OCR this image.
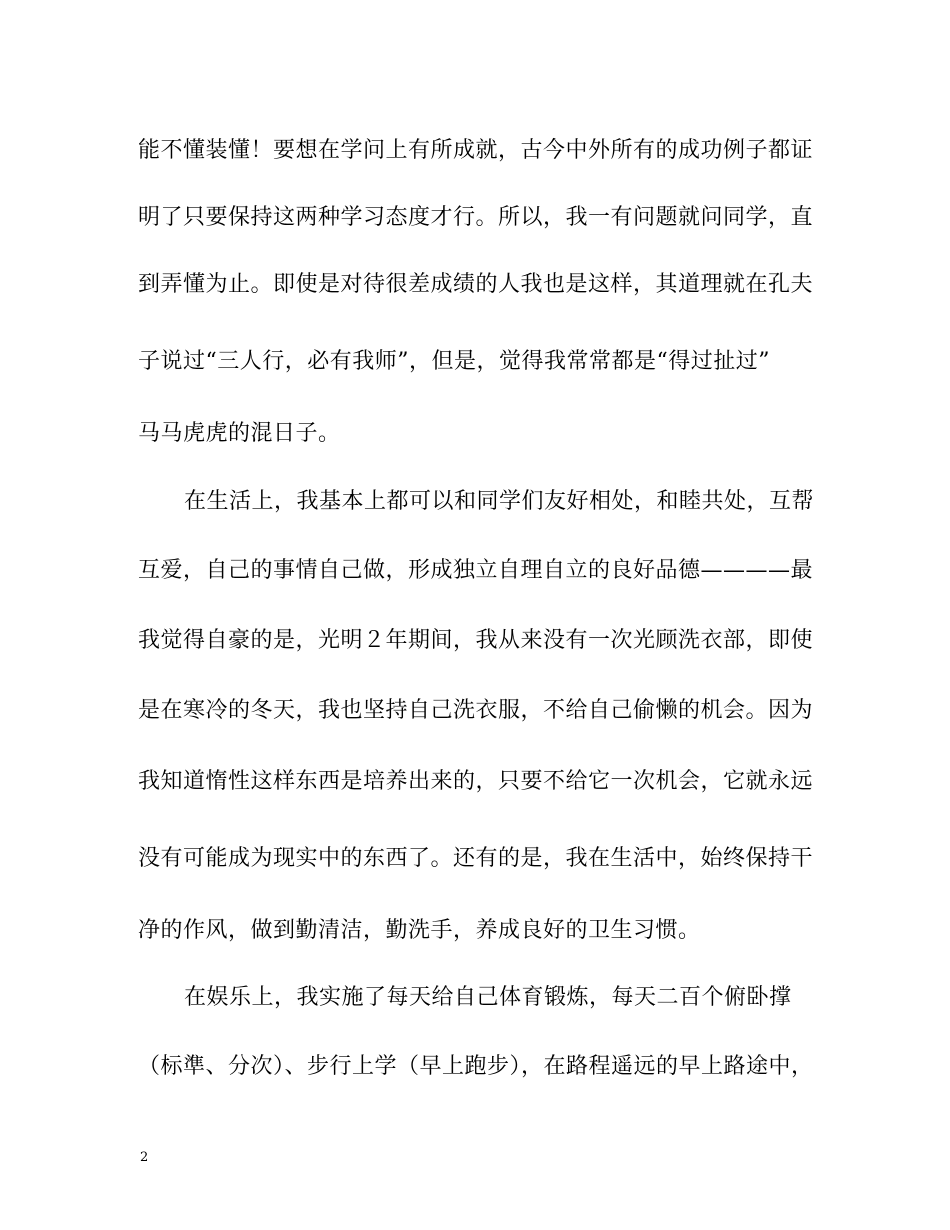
能不懂装懂！要想在学问上有所成就，古今中外所有的成功例子都证
明了只要保持这两种学习态度才行。所以，我一有问题就问同学，直
到弄懂为止。即使是对待很差成绩的人我也是这样，其道理就在孔夫
子说过“三人行，必有我师”，但是，觉得我常常都是“得过扯过”
马马虎虎的混日子。
在生活上，我基本上都可以和同学们友好相处，和睦共处，互帮
互爱，自己的事情自己做，形成独立自理自立的良好品德————最
我觉得自豪的是，光明２年期间，我从来没有一次光顾洗衣部，即使
是在寒冷的冬天，我也坚持自己洗衣服，不给自己偷懒的机会。因为
我知道惰性这样东西是培养出来的，只要不给它一次机会，它就永远
没有可能成为现实中的东西了。还有的是，我在生活中，始终保持干
净的作风，做到勤清洁，勤洗手，养成良好的卫生习惯。
在娱乐上，我实施了每天给自己体育锻炼，每天二百个俯卧撑
（标準、分次）、步行上学（早上跑步），在路程遥远的早上路途中，
2
